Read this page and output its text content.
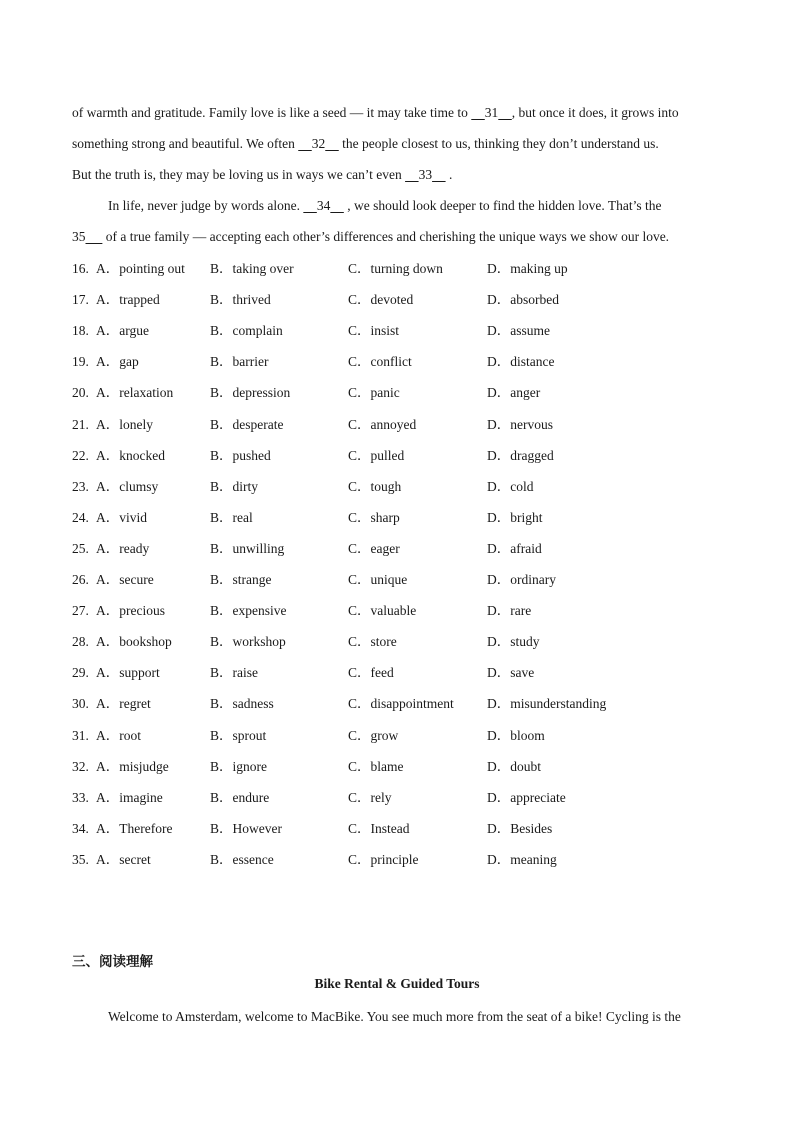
of warmth and gratitude. Family love is like a seed — it may take time to     31 , but once it does, it grows into
something strong and beautiful. We often     32     the people closest to us, thinking they don’t understand us.
But the truth is, they may be loving us in ways we can’t even     33     .
In life, never judge by words alone.     34     , we should look deeper to find the hidden love. That’s the
35      of a true family — accepting each other’s differences and cherishing the unique ways we show our love.
16. A．pointing out B．taking over	C．turning down	D．making up
17. A．trapped	B．thrived	C．devoted	D．absorbed
18. A．argue	B．complain	C．insist	D．assume
19. A．gap	B．barrier	C．conflict	D．distance
20. A．relaxation	B．depression	C．panic	D．anger
21. A．lonely	B．desperate	C．annoyed	D．nervous
22. A．knocked	B．pushed	C．pulled	D．dragged
23. A．clumsy	B．dirty	C．tough	D．cold
24. A．vivid	B．real	C．sharp	D．bright
25. A．ready	B．unwilling	C．eager	D．afraid
26. A．secure	B．strange	C．unique	D．ordinary
27. A．precious	B．expensive	C．valuable	D．rare
28. A．bookshop	B．workshop	C．store	D．study
29. A．support	B．raise	C．feed	D．save
30. A．regret	B．sadness	C．disappointment D．misunderstanding
31. A．root	B．sprout	C．grow	D．bloom
32. A．misjudge	B．ignore	C．blame	D．doubt
33. A．imagine	B．endure	C．rely	D．appreciate
34. A．Therefore	B．However	C．Instead	D．Besides
35. A．secret	B．essence	C．principle	D．meaning
三、阅读理解
Bike Rental & Guided Tours
Welcome to Amsterdam, welcome to MacBike. You see much more from the seat of a bike! Cycling is the
